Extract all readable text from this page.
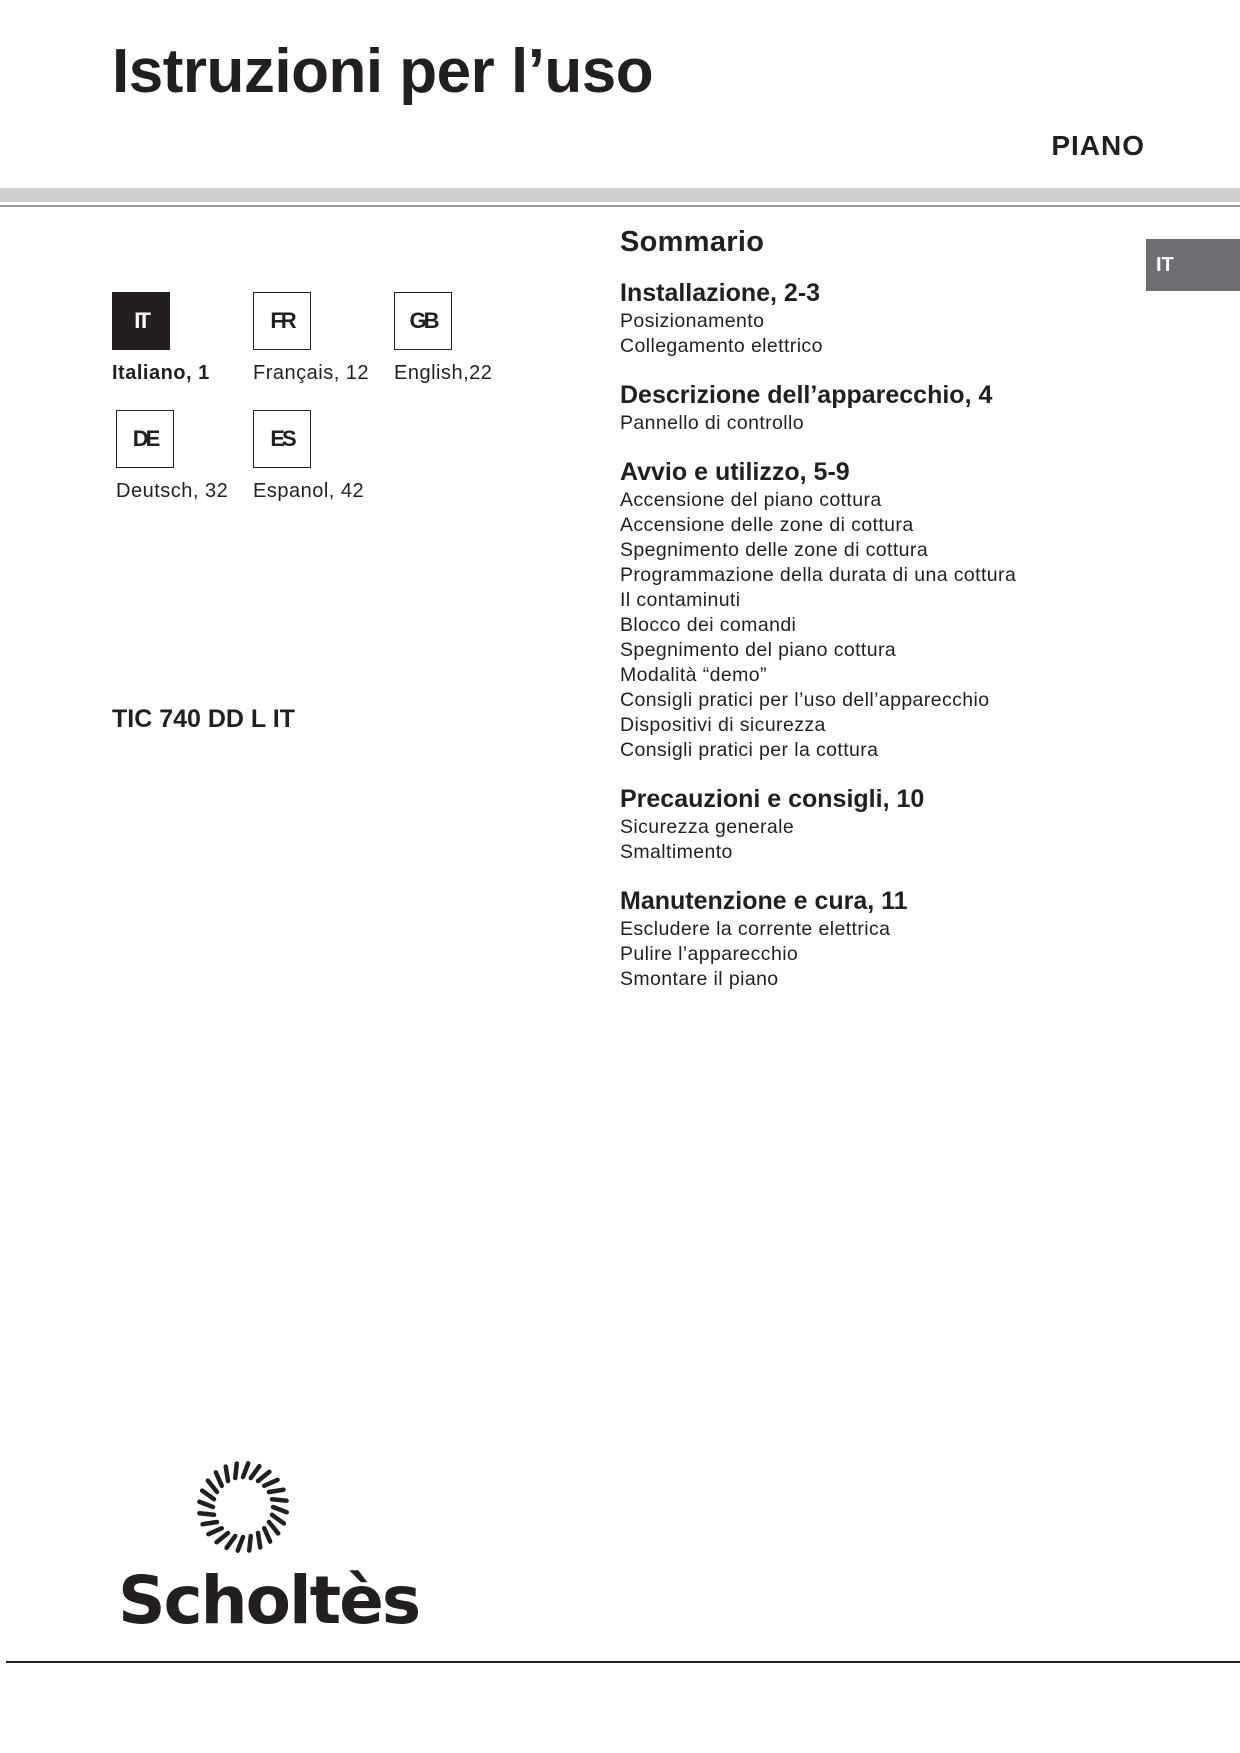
Istruzioni per l’uso
PIANO
IT
IT
Italiano, 1
FR
Français, 12
GB
English,22
DE
Deutsch, 32
ES
Espanol, 42
TIC 740 DD L IT
Sommario
Installazione, 2-3
Posizionamento
Collegamento elettrico
Descrizione dell’apparecchio, 4
Pannello di controllo
Avvio e utilizzo, 5-9
Accensione del piano cottura
Accensione delle zone di cottura
Spegnimento delle zone di cottura
Programmazione della durata di una cottura
Il contaminuti
Blocco dei comandi
Spegnimento del piano cottura
Modalità “demo”
Consigli pratici per l’uso dell’apparecchio
Dispositivi di sicurezza
Consigli pratici per la cottura
Precauzioni e consigli, 10
Sicurezza generale
Smaltimento
Manutenzione e cura, 11
Escludere la corrente elettrica
Pulire l’apparecchio
Smontare il piano
Scholtès
